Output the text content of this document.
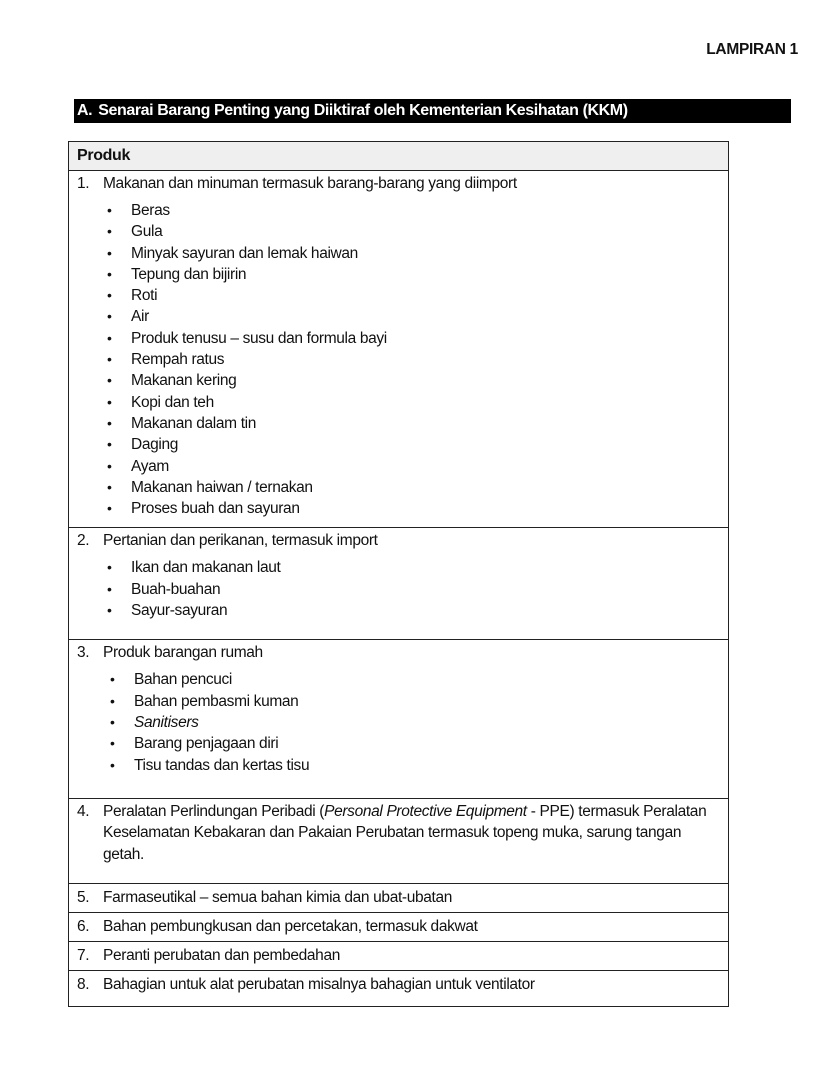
LAMPIRAN 1
A. Senarai Barang Penting yang Diiktiraf oleh Kementerian Kesihatan (KKM)
Produk

1. Makanan dan minuman termasuk barang-barang yang diimport
•	Beras
•	Gula
•	Minyak sayuran dan lemak haiwan
•	Tepung dan bijirin
•	Roti
•	Air
•	Produk tenusu – susu dan formula bayi
•	Rempah ratus
•	Makanan kering
•	Kopi dan teh
•	Makanan dalam tin
•	Daging
•	Ayam
•	Makanan haiwan / ternakan
•	Proses buah dan sayuran

2. Pertanian dan perikanan, termasuk import
•	Ikan dan makanan laut
•	Buah-buahan
•	Sayur-sayuran

3. Produk barangan rumah
•	Bahan pencuci
•	Bahan pembasmi kuman
•	Sanitisers
•	Barang penjagaan diri
•	Tisu tandas dan kertas tisu

4. Peralatan Perlindungan Peribadi (Personal Protective Equipment - PPE) termasuk Peralatan Keselamatan Kebakaran dan Pakaian Perubatan termasuk topeng muka, sarung tangan getah.

5. Farmaseutikal – semua bahan kimia dan ubat-ubatan

6. Bahan pembungkusan dan percetakan, termasuk dakwat

7. Peranti perubatan dan pembedahan

8. Bahagian untuk alat perubatan misalnya bahagian untuk ventilator
